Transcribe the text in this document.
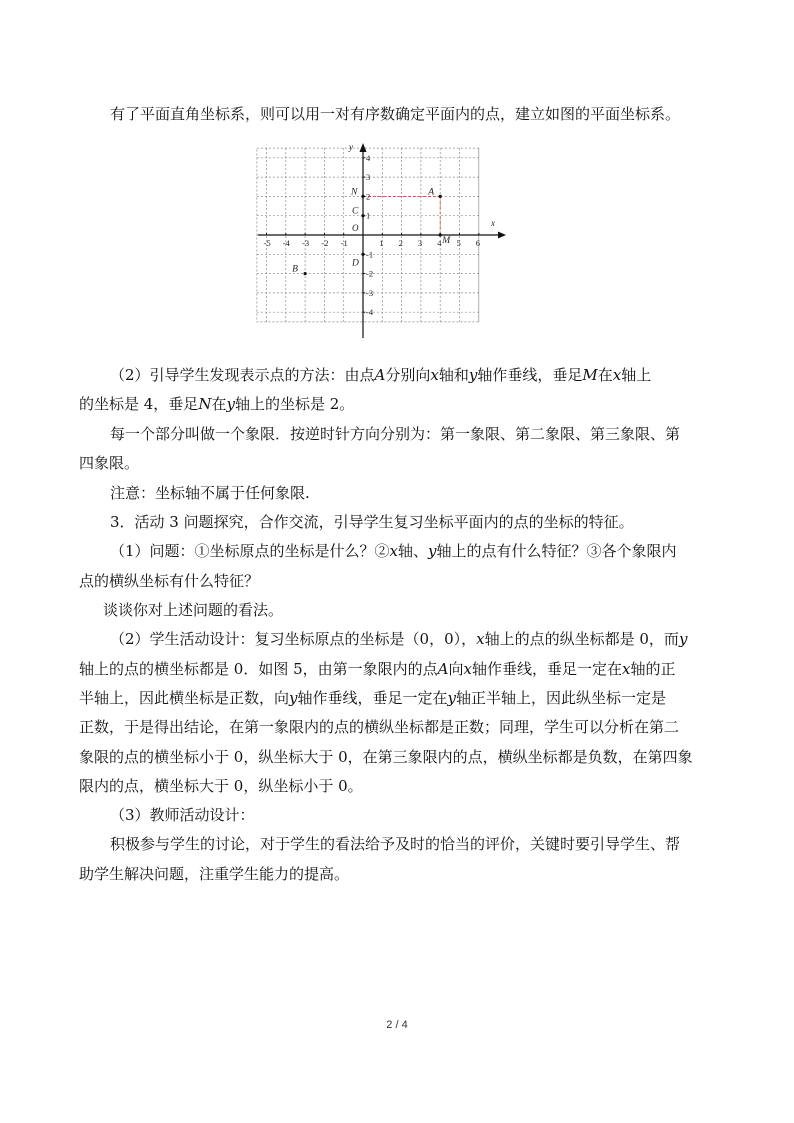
有了平面直角坐标系，则可以用一对有序数确定平面内的点，建立如图的平面坐标系。

x
y
O
-5 -4 -3 -2 -1	1 2 3 4 5 6
4
3
2
1
-1
-2
-3
-4
A
B
M
N
C
D

（2）引导学生发现表示点的方法：由点A分别向x轴和y轴作垂线，垂足M在x轴上

的坐标是 4，垂足N在y轴上的坐标是 2。

每一个部分叫做一个象限．按逆时针方向分别为：第一象限、第二象限、第三象限、第

四象限。

注意：坐标轴不属于任何象限.

3．活动 3 问题探究，合作交流，引导学生复习坐标平面内的点的坐标的特征。

（1）问题：①坐标原点的坐标是什么？②x轴、y轴上的点有什么特征？③各个象限内

点的横纵坐标有什么特征？

谈谈你对上述问题的看法。

（2）学生活动设计：复习坐标原点的坐标是（0，0），x轴上的点的纵坐标都是 0，而y

轴上的点的横坐标都是 0．如图 5，由第一象限内的点A向x轴作垂线，垂足一定在x轴的正

半轴上，因此横坐标是正数，向y轴作垂线，垂足一定在y轴正半轴上，因此纵坐标一定是

正数，于是得出结论，在第一象限内的点的横纵坐标都是正数；同理，学生可以分析在第二

象限的点的横坐标小于 0，纵坐标大于 0，在第三象限内的点，横纵坐标都是负数，在第四象

限内的点，横坐标大于 0，纵坐标小于 0。

（3）教师活动设计：

积极参与学生的讨论，对于学生的看法给予及时的恰当的评价，关键时要引导学生、帮

助学生解决问题，注重学生能力的提高。

2 / 4
